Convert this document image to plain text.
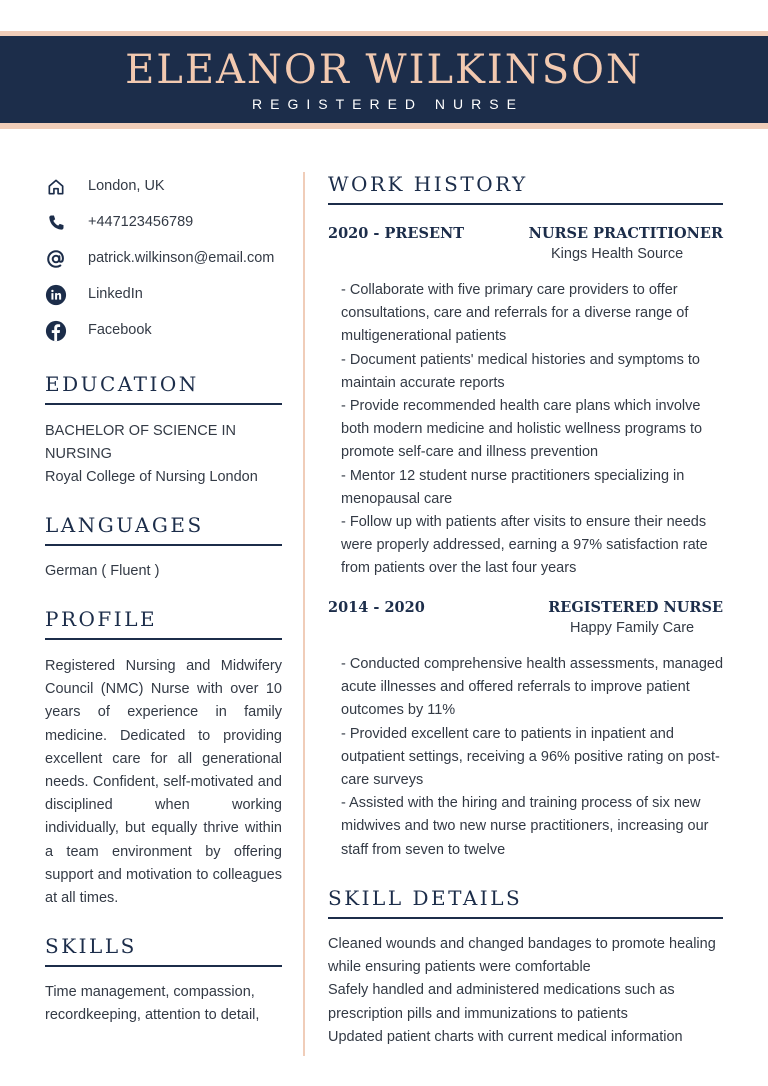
ELEANOR WILKINSON
REGISTERED NURSE
London, UK
+447123456789
patrick.wilkinson@email.com
LinkedIn
Facebook
EDUCATION
BACHELOR OF SCIENCE IN NURSING
Royal College of Nursing London
LANGUAGES
German ( Fluent )
PROFILE
Registered Nursing and Midwifery Council (NMC) Nurse with over 10 years of experience in family medicine. Dedicated to providing excellent care for all generational needs. Confident, self-motivated and disciplined when working individually, but equally thrive within a team environment by offering support and motivation to colleagues at all times.
SKILLS
Time management, compassion, recordkeeping, attention to detail,
WORK HISTORY
2020 - PRESENT	NURSE PRACTITIONER
Kings Health Source
- Collaborate with five primary care providers to offer consultations, care and referrals for a diverse range of multigenerational patients
- Document patients' medical histories and symptoms to maintain accurate reports
- Provide recommended health care plans which involve both modern medicine and holistic wellness programs to promote self-care and illness prevention
- Mentor 12 student nurse practitioners specializing in menopausal care
- Follow up with patients after visits to ensure their needs were properly addressed, earning a 97% satisfaction rate from patients over the last four years
2014 - 2020	REGISTERED NURSE
Happy Family Care
- Conducted comprehensive health assessments, managed acute illnesses and offered referrals to improve patient outcomes by 11%
- Provided excellent care to patients in inpatient and outpatient settings, receiving a 96% positive rating on post-care surveys
- Assisted with the hiring and training process of six new midwives and two new nurse practitioners, increasing our staff from seven to twelve
SKILL DETAILS
Cleaned wounds and changed bandages to promote healing while ensuring patients were comfortable
Safely handled and administered medications such as prescription pills and immunizations to patients
Updated patient charts with current medical information
